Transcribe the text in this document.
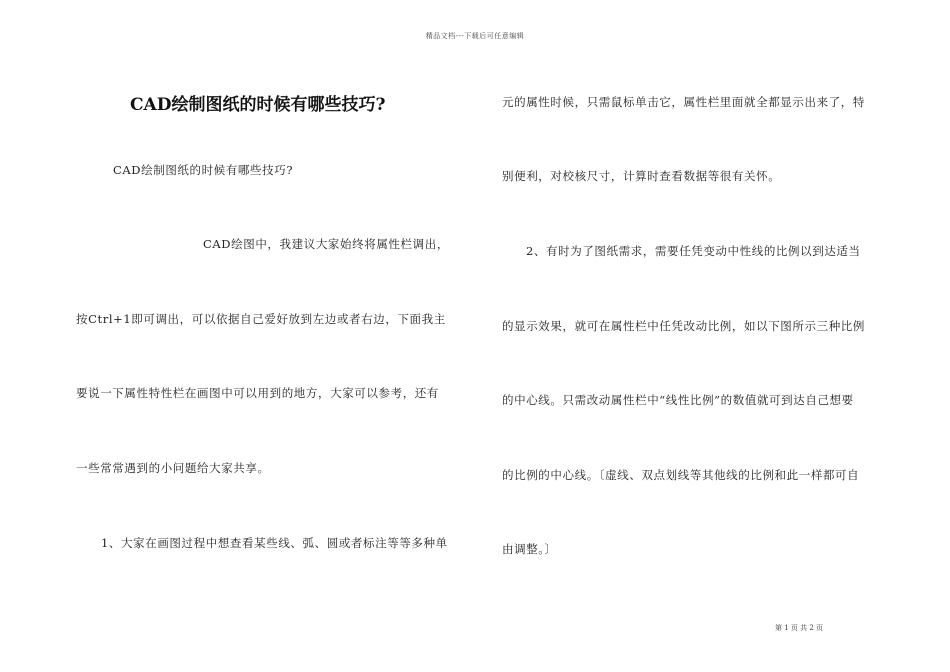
精品文档---下载后可任意编辑
CAD绘制图纸的时候有哪些技巧?
CAD绘制图纸的时候有哪些技巧?
CAD绘图中，我建议大家始终将属性栏调出，
按Ctrl+1即可调出，可以依据自己爱好放到左边或者右边，下面我主
要说一下属性特性栏在画图中可以用到的地方，大家可以参考，还有
一些常常遇到的小问题给大家共享。
1、大家在画图过程中想查看某些线、弧、圆或者标注等等多种单
元的属性时候，只需鼠标单击它，属性栏里面就全都显示出来了，特
别便利，对校核尺寸，计算时查看数据等很有关怀。
2、有时为了图纸需求，需要任凭变动中性线的比例以到达适当
的显示效果，就可在属性栏中任凭改动比例，如以下图所示三种比例
的中心线。只需改动属性栏中“线性比例”的数值就可到达自己想要
的比例的中心线。〔虚线、双点划线等其他线的比例和此一样都可自
由调整。〕
第 1 页 共 2 页
